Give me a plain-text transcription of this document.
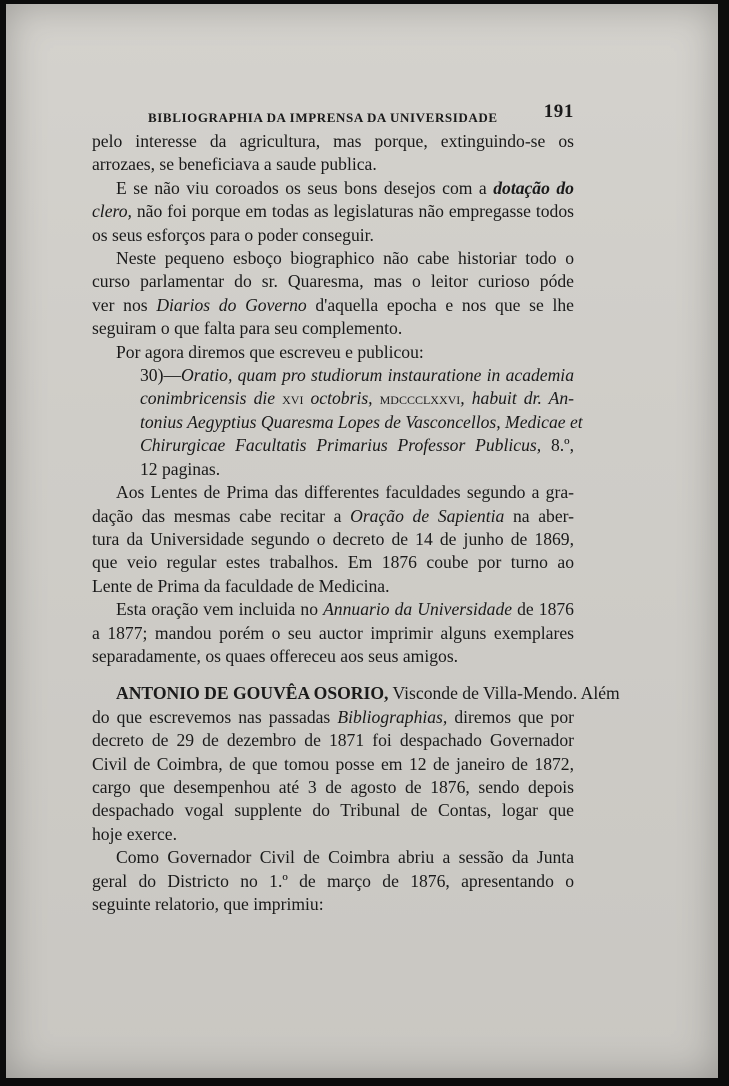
BIBLIOGRAPHIA DA IMPRENSA DA UNIVERSIDADE 191
pelo interesse da agricultura, mas porque, extinguindo-se os
arrozaes, se beneficiava a saude publica.
E se não viu coroados os seus bons desejos com a dotação do
clero, não foi porque em todas as legislaturas não empregasse todos
os seus esforços para o poder conseguir.
Neste pequeno esboço biographico não cabe historiar todo o
curso parlamentar do sr. Quaresma, mas o leitor curioso póde
ver nos Diarios do Governo d'aquella epocha e nos que se lhe
seguiram o que falta para seu complemento.
Por agora diremos que escreveu e publicou:
30)—Oratio, quam pro studiorum instauratione in academia
conimbricensis die xvi octobris, mdccclxxvi, habuit dr. An-
tonius Aegyptius Quaresma Lopes de Vasconcellos, Medicae et
Chirurgicae Facultatis Primarius Professor Publicus, 8.º,
12 paginas.
Aos Lentes de Prima das differentes faculdades segundo a gra-
dação das mesmas cabe recitar a Oração de Sapientia na aber-
tura da Universidade segundo o decreto de 14 de junho de 1869,
que veio regular estes trabalhos. Em 1876 coube por turno ao
Lente de Prima da faculdade de Medicina.
Esta oração vem incluida no Annuario da Universidade de 1876
a 1877; mandou porém o seu auctor imprimir alguns exemplares
separadamente, os quaes offereceu aos seus amigos.
ANTONIO DE GOUVÊA OSORIO, Visconde de Villa-Mendo. Além
do que escrevemos nas passadas Bibliographias, diremos que por
decreto de 29 de dezembro de 1871 foi despachado Governador
Civil de Coimbra, de que tomou posse em 12 de janeiro de 1872,
cargo que desempenhou até 3 de agosto de 1876, sendo depois
despachado vogal supplente do Tribunal de Contas, logar que
hoje exerce.
Como Governador Civil de Coimbra abriu a sessão da Junta
geral do Districto no 1.º de março de 1876, apresentando o
seguinte relatorio, que imprimiu:
